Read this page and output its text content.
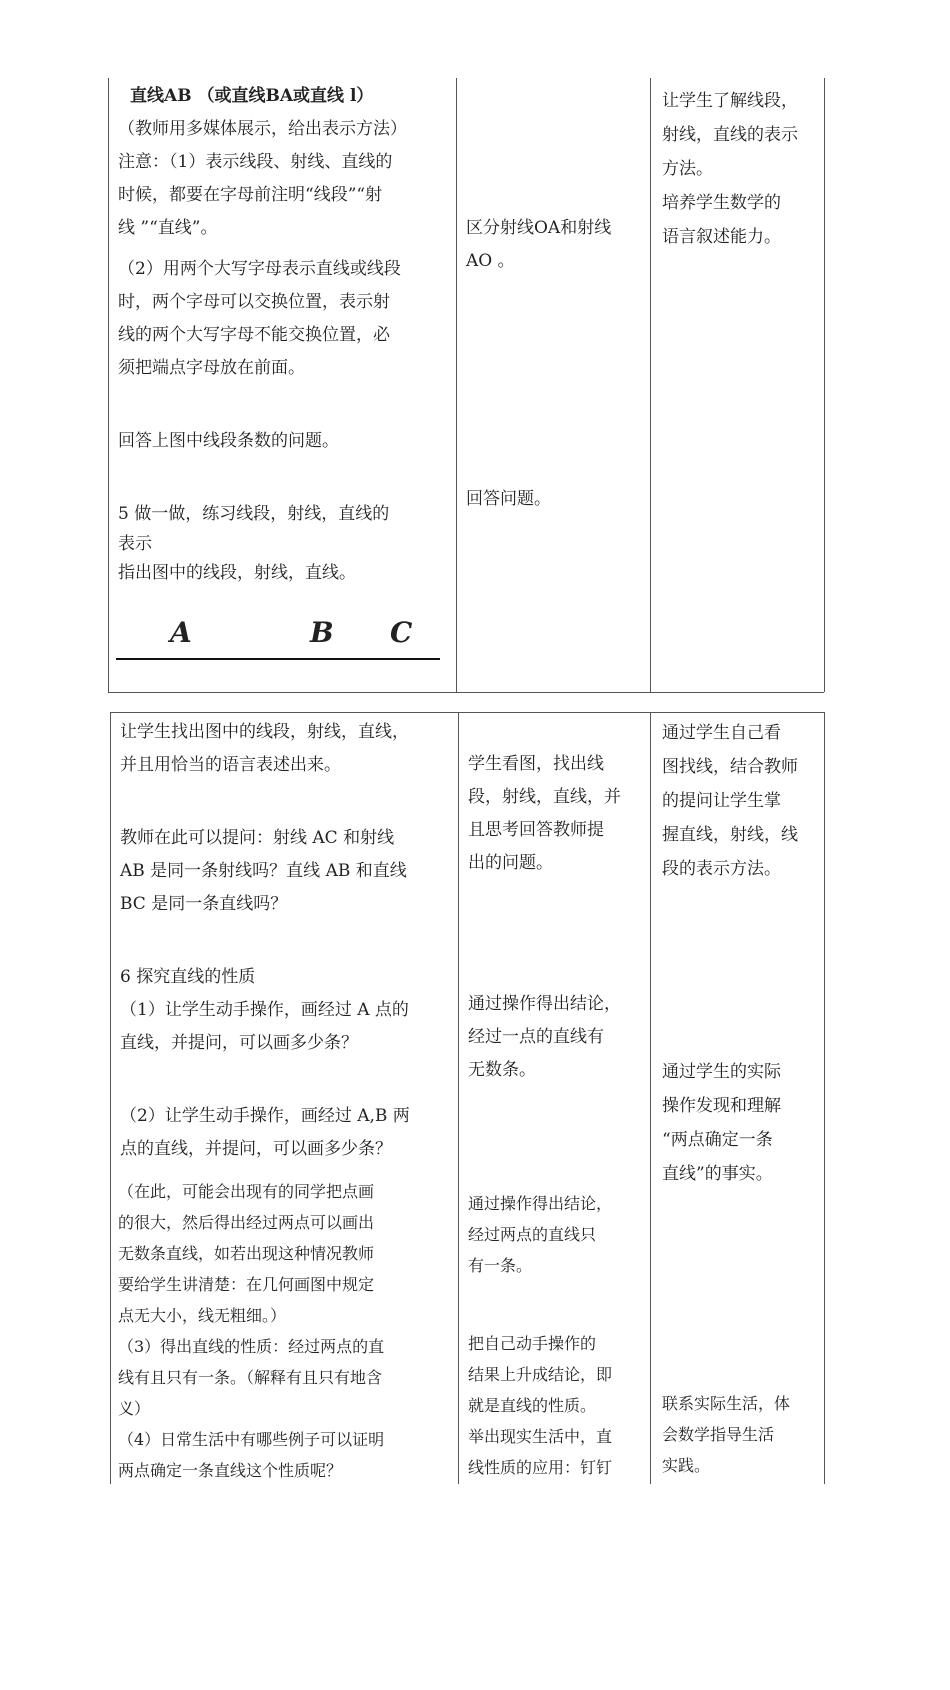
直线AB （或直线BA或直线 l）

（教师用多媒体展示，给出表示方法）

注意：（1）表示线段、射线、直线的

时候，都要在字母前注明“线段”“射

线 ”“直线”。

（2）用两个大写字母表示直线或线段

时，两个字母可以交换位置，表示射

线的两个大写字母不能交换位置，必

须把端点字母放在前面。

回答上图中线段条数的问题。

5 做一做，练习线段，射线，直线的

表示

指出图中的线段，射线，直线。

A	B C

区分射线OA和射线

AO 。

回答问题。

让学生了解线段，

射线，直线的表示

方法。

培养学生数学的

语言叙述能力。

让学生找出图中的线段，射线，直线，

并且用恰当的语言表述出来。

教师在此可以提问：射线 AC 和射线

AB 是同一条射线吗？直线 AB 和直线

BC 是同一条直线吗？

6 探究直线的性质

（1）让学生动手操作，画经过 A 点的

直线，并提问，可以画多少条？

（2）让学生动手操作，画经过 A,B 两

点的直线，并提问，可以画多少条？

（在此，可能会出现有的同学把点画

的很大，然后得出经过两点可以画出

无数条直线，如若出现这种情况教师

要给学生讲清楚：在几何画图中规定

点无大小，线无粗细。）

（3）得出直线的性质：经过两点的直

线有且只有一条。（解释有且只有地含

义）

（4）日常生活中有哪些例子可以证明

两点确定一条直线这个性质呢？

学生看图，找出线

段，射线，直线，并

且思考回答教师提

出的问题。

通过操作得出结论，

经过一点的直线有

无数条。

通过操作得出结论，

经过两点的直线只

有一条。

把自己动手操作的

结果上升成结论，即

就是直线的性质。

举出现实生活中，直

线性质的应用：钉钉

通过学生自己看

图找线，结合教师

的提问让学生掌

握直线，射线，线

段的表示方法。

通过学生的实际

操作发现和理解

“两点确定一条

直线”的事实。

联系实际生活，体

会数学指导生活

实践。
